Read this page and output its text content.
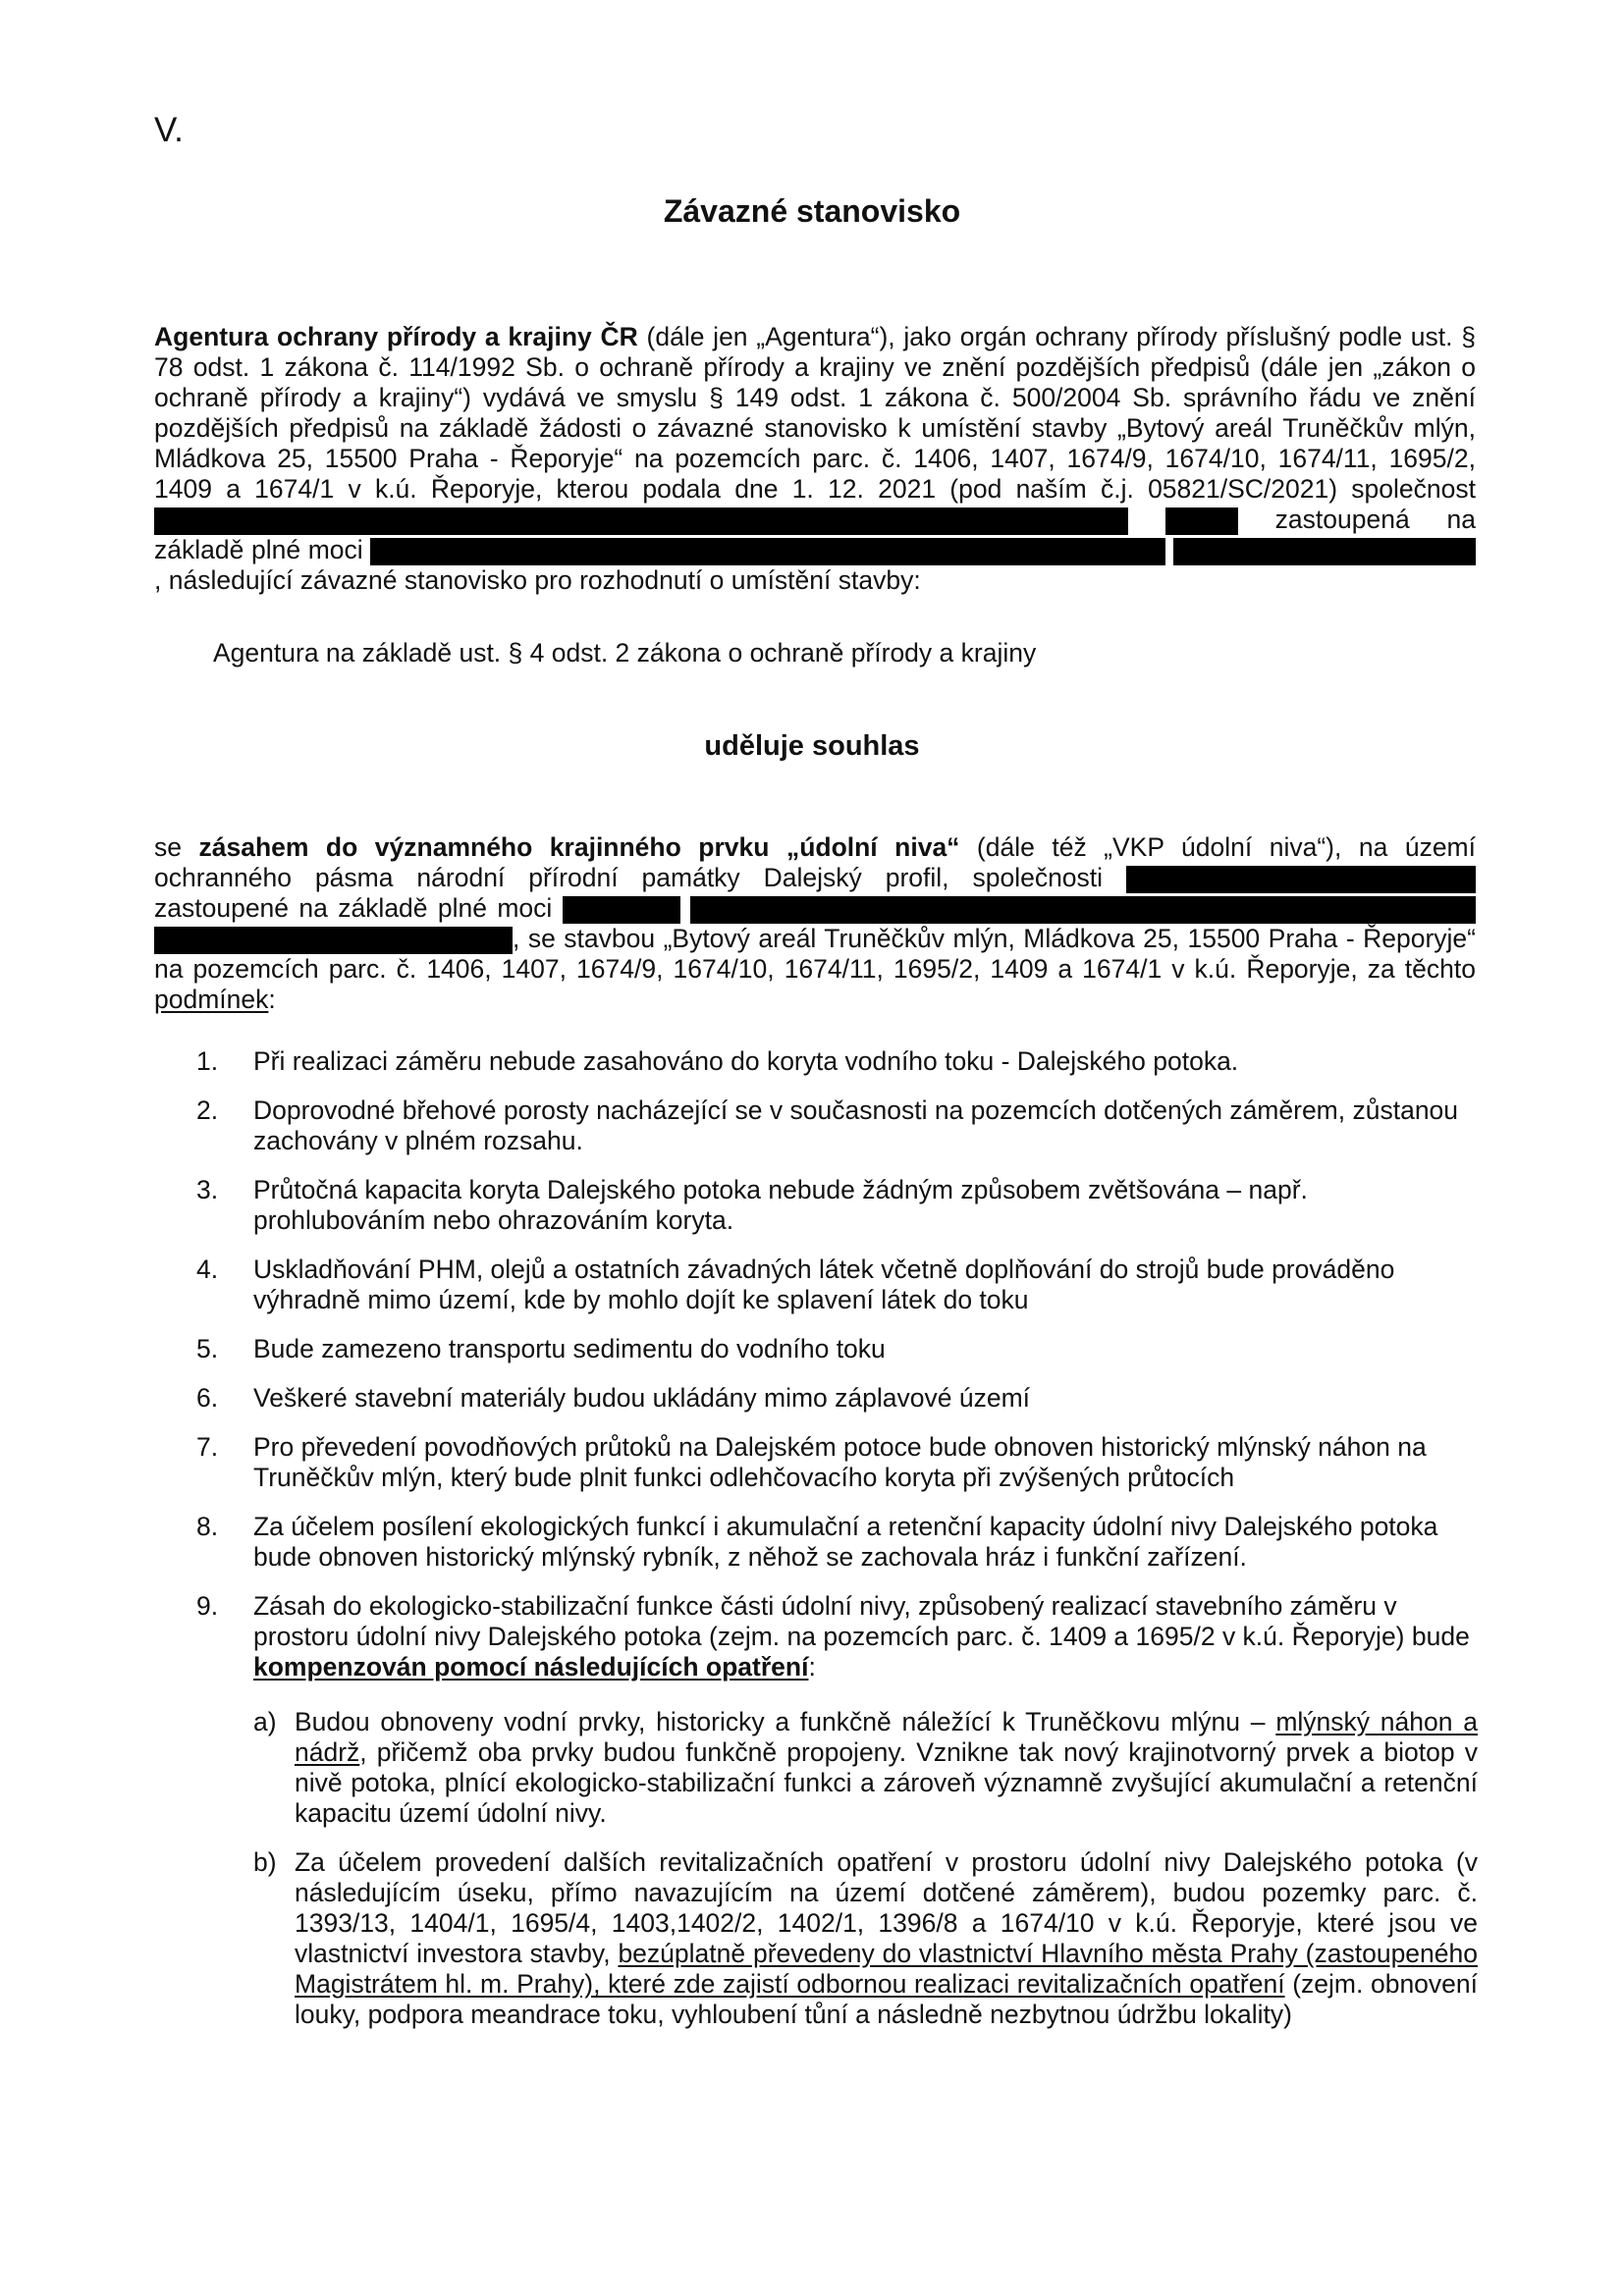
V.

Závazné stanovisko

Agentura ochrany přírody a krajiny ČR (dále jen „Agentura“), jako orgán ochrany přírody příslušný podle ust. § 78 odst. 1 zákona č. 114/1992 Sb. o ochraně přírody a krajiny ve znění pozdějších předpisů (dále jen „zákon o ochraně přírody a krajiny“) vydává ve smyslu § 149 odst. 1 zákona č. 500/2004 Sb. správního řádu ve znění pozdějších předpisů na základě žádosti o závazné stanovisko k umístění stavby „Bytový areál Truněčkův mlýn, Mládkova 25, 15500 Praha - Řeporyje“ na pozemcích parc. č. 1406, 1407, 1674/9, 1674/10, 1674/11, 1695/2, 1409 a 1674/1 v k.ú. Řeporyje, kterou podala dne 1. 12. 2021 (pod naším č.j. 05821/SC/2021) společnost   zastoupená na základě plné moci  , následující závazné stanovisko pro rozhodnutí o umístění stavby:

Agentura na základě ust. § 4 odst. 2 zákona o ochraně přírody a krajiny

uděluje souhlas

se zásahem do významného krajinného prvku „údolní niva“ (dále též „VKP údolní niva“), na území ochranného pásma národní přírodní památky Dalejský profil, společnosti  zastoupené na základě plné moci  , se stavbou „Bytový areál Truněčkův mlýn, Mládkova 25, 15500 Praha - Řeporyje“ na pozemcích parc. č. 1406, 1407, 1674/9, 1674/10, 1674/11, 1695/2, 1409 a 1674/1 v k.ú. Řeporyje, za těchto podmínek:

1. Při realizaci záměru nebude zasahováno do koryta vodního toku - Dalejského potoka.
2. Doprovodné břehové porosty nacházející se v současnosti na pozemcích dotčených záměrem, zůstanou zachovány v plném rozsahu.
3. Průtočná kapacita koryta Dalejského potoka nebude žádným způsobem zvětšována – např. prohlubováním nebo ohrazováním koryta.
4. Uskladňování PHM, olejů a ostatních závadných látek včetně doplňování do strojů bude prováděno výhradně mimo území, kde by mohlo dojít ke splavení látek do toku
5. Bude zamezeno transportu sedimentu do vodního toku
6. Veškeré stavební materiály budou ukládány mimo záplavové území
7. Pro převedení povodňových průtoků na Dalejském potoce bude obnoven historický mlýnský náhon na Truněčkův mlýn, který bude plnit funkci odlehčovacího koryta při zvýšených průtocích
8. Za účelem posílení ekologických funkcí i akumulační a retenční kapacity údolní nivy Dalejského potoka bude obnoven historický mlýnský rybník, z něhož se zachovala hráz i funkční zařízení.
9. Zásah do ekologicko-stabilizační funkce části údolní nivy, způsobený realizací stavebního záměru v prostoru údolní nivy Dalejského potoka (zejm. na pozemcích parc. č. 1409 a 1695/2 v k.ú. Řeporyje) bude kompenzován pomocí následujících opatření:
a) Budou obnoveny vodní prvky, historicky a funkčně náležící k Truněčkovu mlýnu – mlýnský náhon a nádrž, přičemž oba prvky budou funkčně propojeny. Vznikne tak nový krajinotvorný prvek a biotop v nivě potoka, plnící ekologicko-stabilizační funkci a zároveň významně zvyšující akumulační a retenční kapacitu území údolní nivy.
b) Za účelem provedení dalších revitalizačních opatření v prostoru údolní nivy Dalejského potoka (v následujícím úseku, přímo navazujícím na území dotčené záměrem), budou pozemky parc. č. 1393/13, 1404/1, 1695/4, 1403,1402/2, 1402/1, 1396/8 a 1674/10 v k.ú. Řeporyje, které jsou ve vlastnictví investora stavby, bezúplatně převedeny do vlastnictví Hlavního města Prahy (zastoupeného Magistrátem hl. m. Prahy), které zde zajistí odbornou realizaci revitalizačních opatření (zejm. obnovení louky, podpora meandrace toku, vyhloubení tůní a následně nezbytnou údržbu lokality)
